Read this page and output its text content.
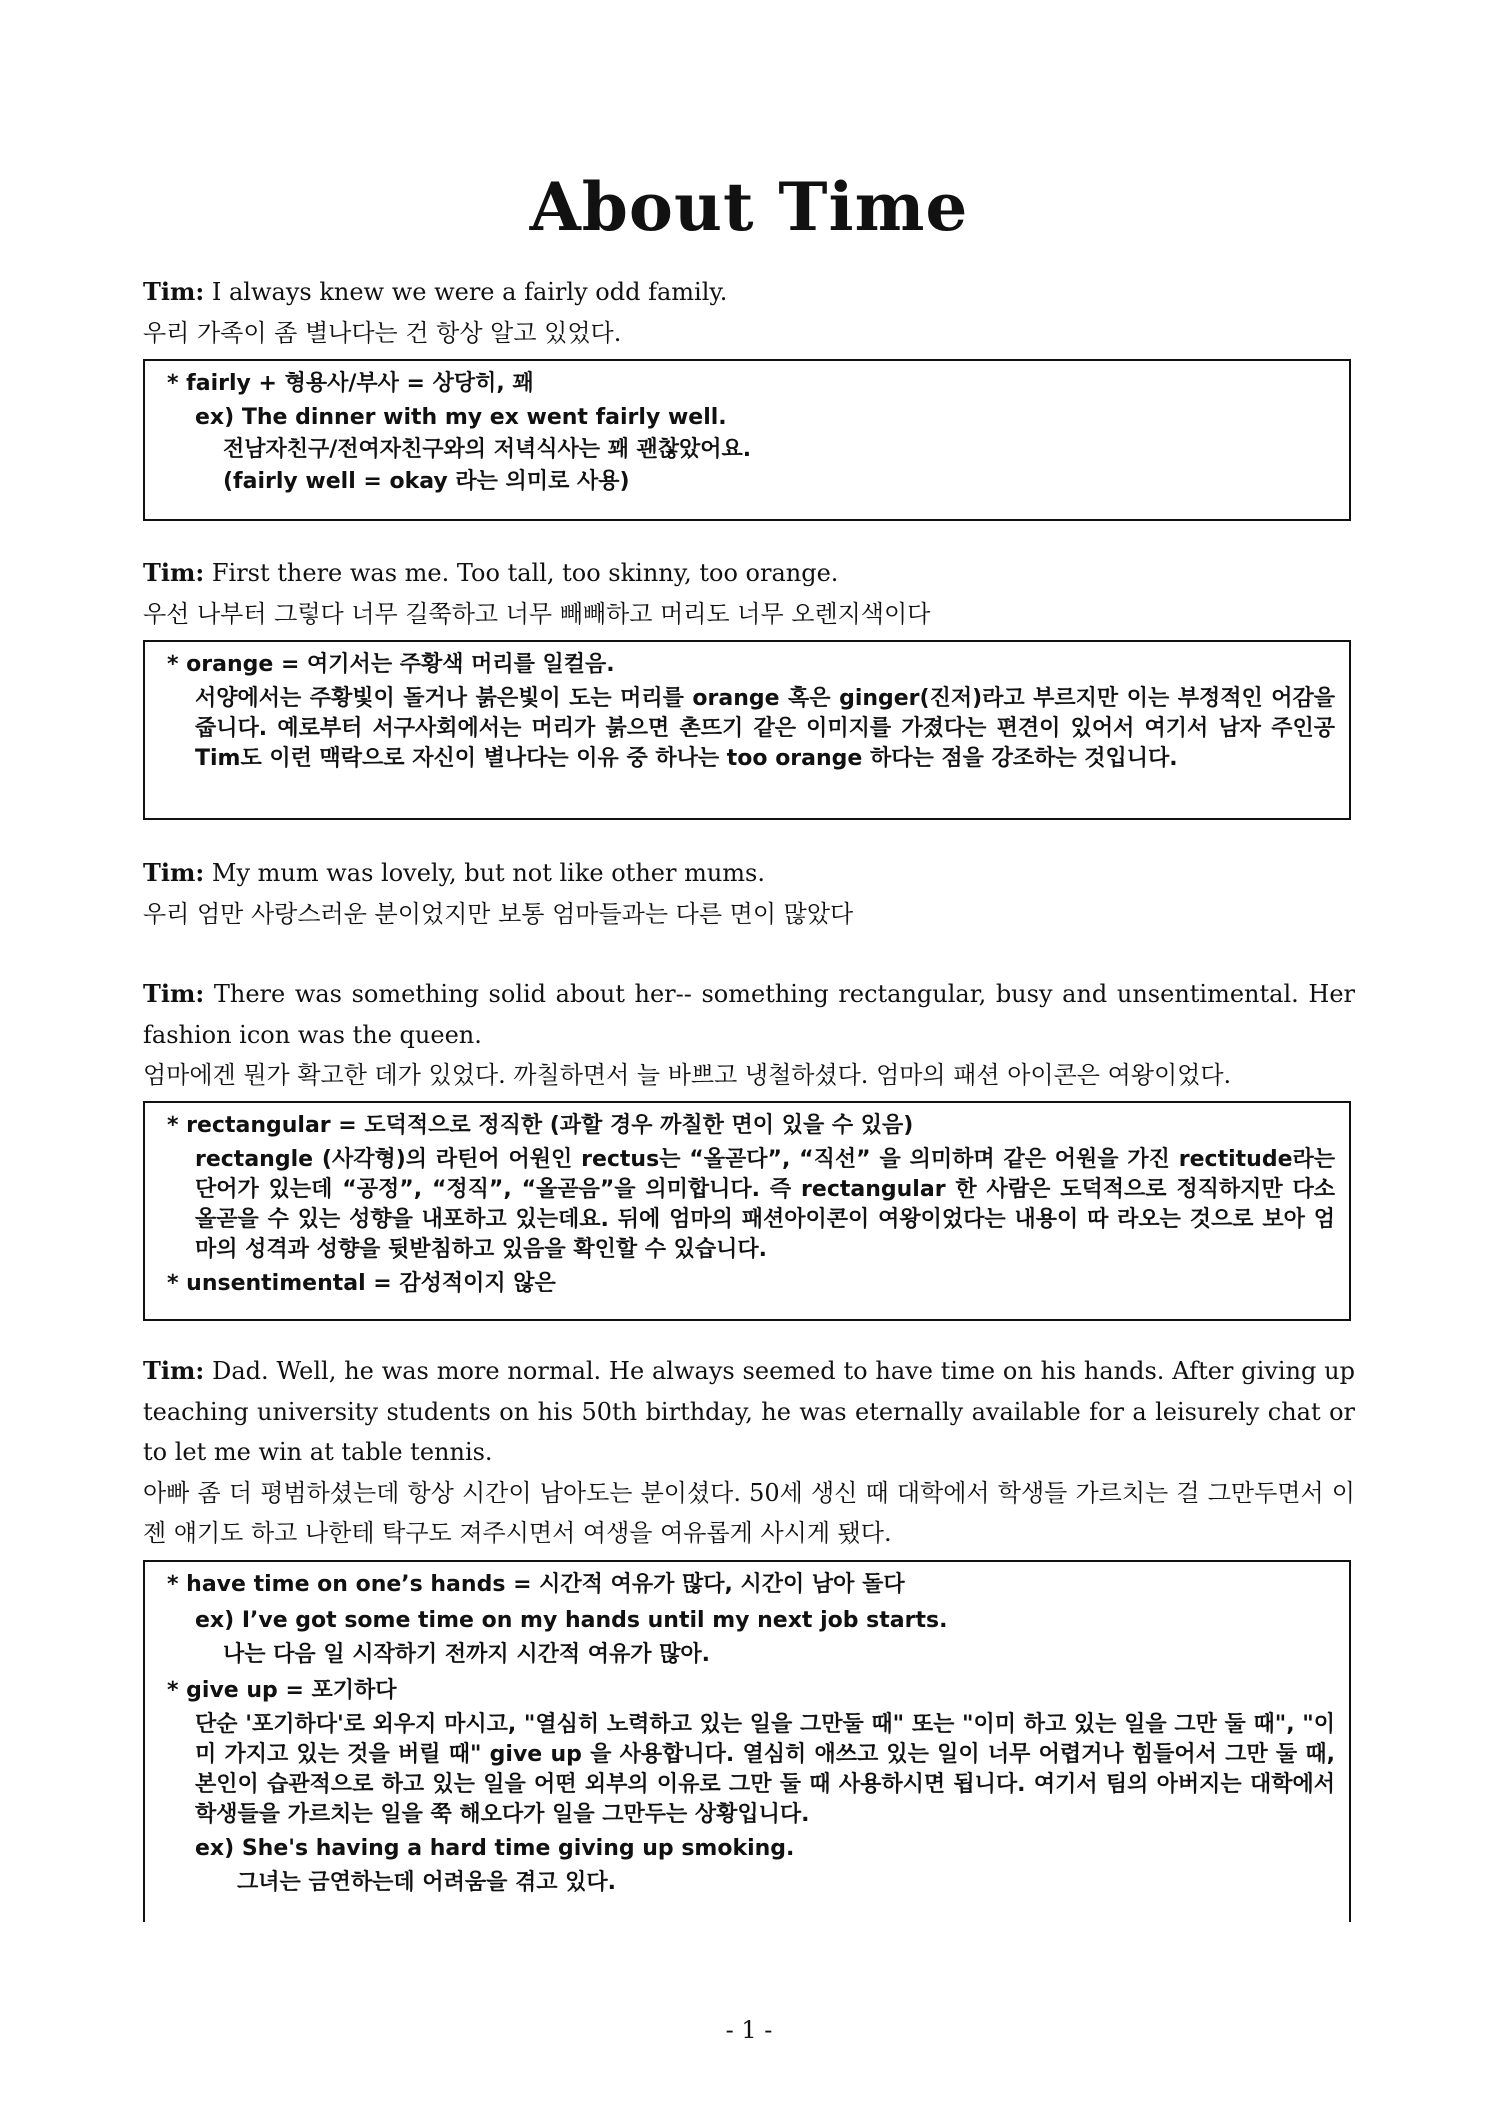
About Time

Tim: I always knew we were a fairly odd family.

우리 가족이 좀 별나다는 건 항상 알고 있었다.

* fairly + 형용사/부사 = 상당히, 꽤
ex) The dinner with my ex went fairly well.
전남자친구/전여자친구와의 저녁식사는 꽤 괜찮았어요.
(fairly well = okay 라는 의미로 사용)

Tim: First there was me. Too tall, too skinny, too orange.

우선 나부터 그렇다 너무 길쭉하고 너무 빼빼하고 머리도 너무 오렌지색이다

* orange = 여기서는 주황색 머리를 일컬음.
서양에서는 주황빛이 돌거나 붉은빛이 도는 머리를 orange 혹은 ginger(진저)라고 부르지만 이는 부정적인 어감을 줍니다. 예로부터 서구사회에서는 머리가 붉으면 촌뜨기 같은 이미지를 가졌다는 편견이 있어서 여기서 남자 주인공 Tim도 이런 맥락으로 자신이 별나다는 이유 중 하나는 too orange 하다는 점을 강조하는 것입니다.

Tim: My mum was lovely, but not like other mums.

우리 엄만 사랑스러운 분이었지만 보통 엄마들과는 다른 면이 많았다

Tim: There was something solid about her-- something rectangular, busy and unsentimental. Her fashion icon was the queen.

엄마에겐 뭔가 확고한 데가 있었다. 까칠하면서 늘 바쁘고 냉철하셨다. 엄마의 패션 아이콘은 여왕이었다.

* rectangular = 도덕적으로 정직한 (과할 경우 까칠한 면이 있을 수 있음)
rectangle (사각형)의 라틴어 어원인 rectus는 “올곧다”, “직선” 을 의미하며 같은 어원을 가진 rectitude라는 단어가 있는데 “공정”, “정직”, “올곧음”을 의미합니다. 즉 rectangular 한 사람은 도덕적으로 정직하지만 다소 올곧을 수 있는 성향을 내포하고 있는데요. 뒤에 엄마의 패션아이콘이 여왕이었다는 내용이 따 라오는 것으로 보아 엄마의 성격과 성향을 뒷받침하고 있음을 확인할 수 있습니다.
* unsentimental = 감성적이지 않은

Tim: Dad. Well, he was more normal. He always seemed to have time on his hands. After giving up teaching university students on his 50th birthday, he was eternally available for a leisurely chat or to let me win at table tennis.

아빠 좀 더 평범하셨는데 항상 시간이 남아도는 분이셨다. 50세 생신 때 대학에서 학생들 가르치는 걸 그만두면서 이젠 얘기도 하고 나한테 탁구도 져주시면서 여생을 여유롭게 사시게 됐다.

* have time on one’s hands = 시간적 여유가 많다, 시간이 남아 돌다
ex) I’ve got some time on my hands until my next job starts.
나는 다음 일 시작하기 전까지 시간적 여유가 많아.
* give up = 포기하다
단순 '포기하다'로 외우지 마시고, "열심히 노력하고 있는 일을 그만둘 때" 또는 "이미 하고 있는 일을 그만 둘 때", "이미 가지고 있는 것을 버릴 때" give up 을 사용합니다. 열심히 애쓰고 있는 일이 너무 어렵거나 힘들어서 그만 둘 때, 본인이 습관적으로 하고 있는 일을 어떤 외부의 이유로 그만 둘 때 사용하시면 됩니다. 여기서 팀의 아버지는 대학에서 학생들을 가르치는 일을 쭉 해오다가 일을 그만두는 상황입니다.
ex) She's having a hard time giving up smoking.
그녀는 금연하는데 어려움을 겪고 있다.
- 1 -
